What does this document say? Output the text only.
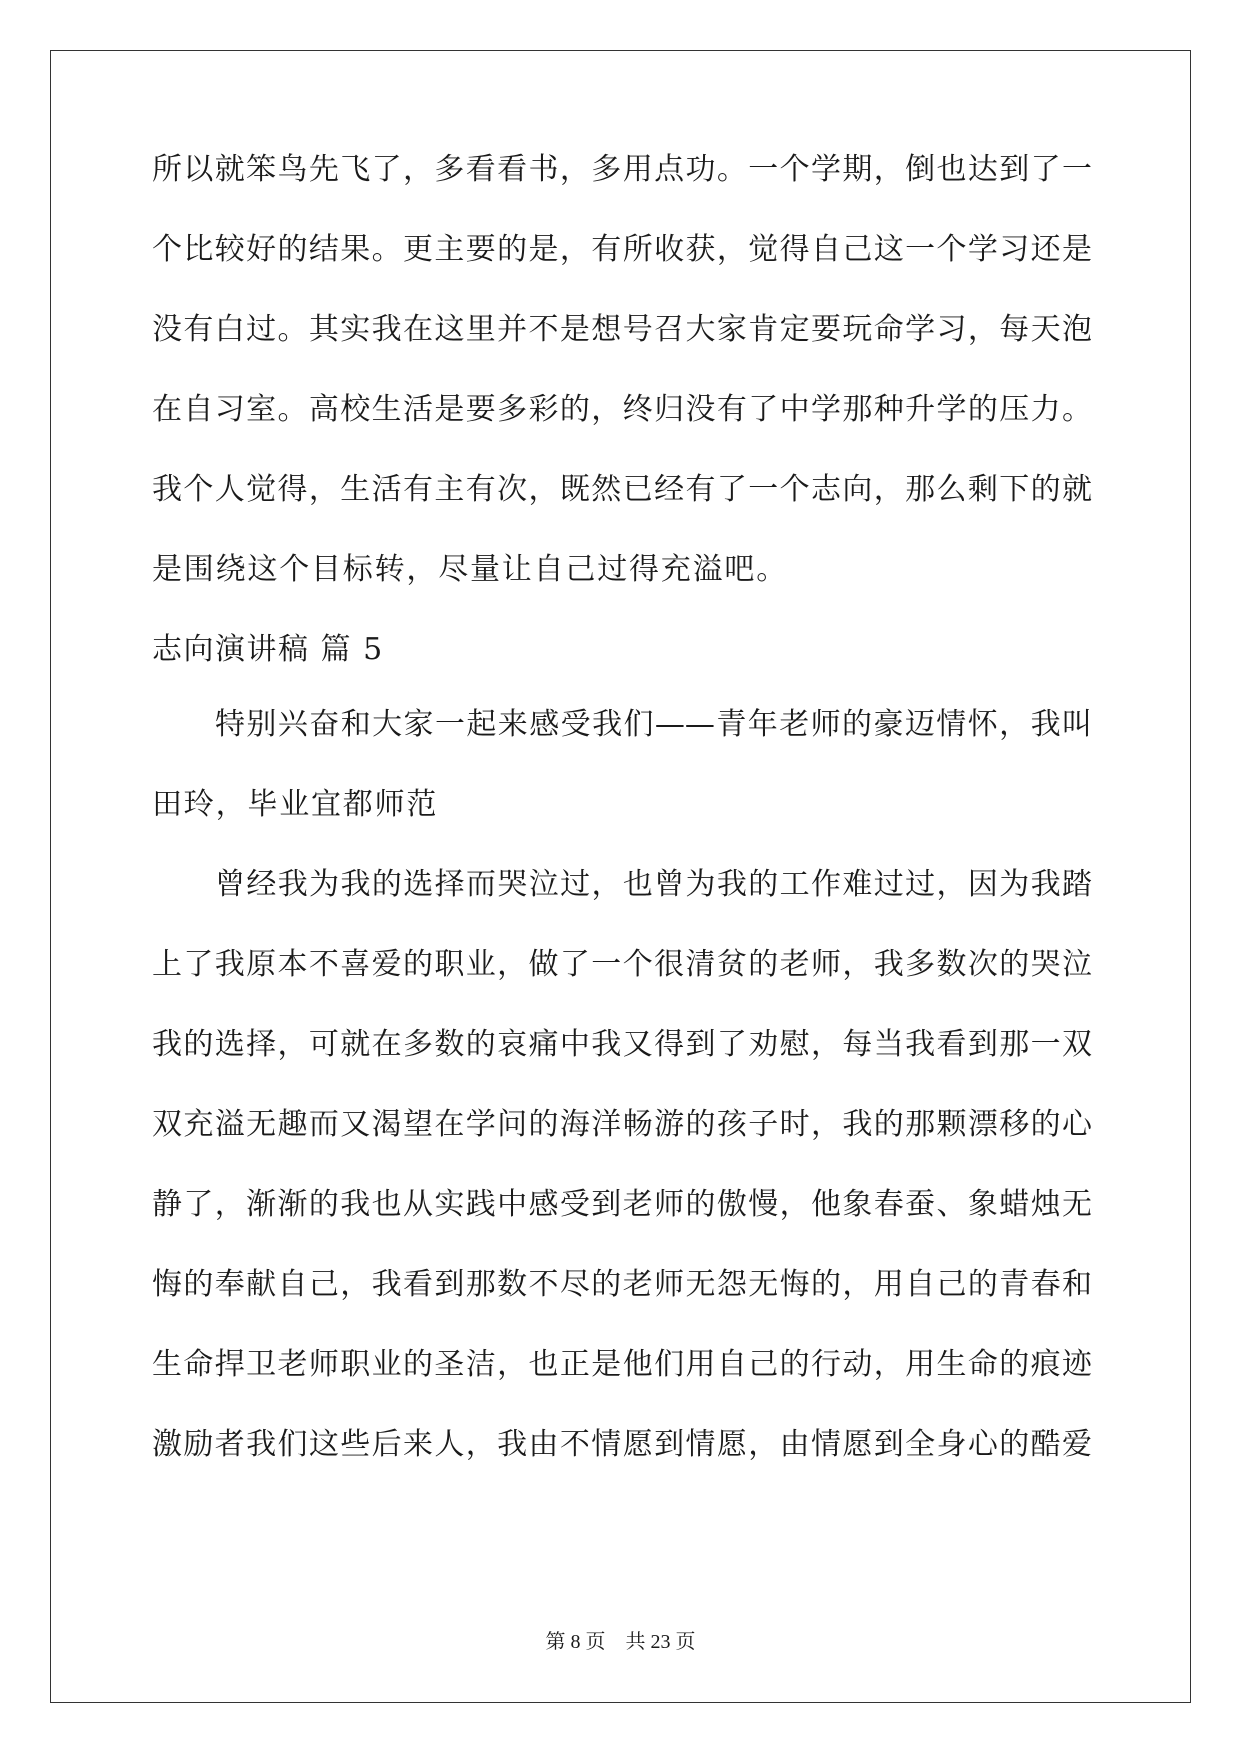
所以就笨鸟先飞了，多看看书，多用点功。一个学期，倒也达到了一
个比较好的结果。更主要的是，有所收获，觉得自己这一个学习还是
没有白过。其实我在这里并不是想号召大家肯定要玩命学习，每天泡
在自习室。高校生活是要多彩的，终归没有了中学那种升学的压力。
我个人觉得，生活有主有次，既然已经有了一个志向，那么剩下的就
是围绕这个目标转，尽量让自己过得充溢吧。
志向演讲稿 篇 5
特别兴奋和大家一起来感受我们——青年老师的豪迈情怀，我叫
田玲，毕业宜都师范
曾经我为我的选择而哭泣过，也曾为我的工作难过过，因为我踏
上了我原本不喜爱的职业，做了一个很清贫的老师，我多数次的哭泣
我的选择，可就在多数的哀痛中我又得到了劝慰，每当我看到那一双
双充溢无趣而又渴望在学问的海洋畅游的孩子时，我的那颗漂移的心
静了，渐渐的我也从实践中感受到老师的傲慢，他象春蚕、象蜡烛无
悔的奉献自己，我看到那数不尽的老师无怨无悔的，用自己的青春和
生命捍卫老师职业的圣洁，也正是他们用自己的行动，用生命的痕迹
激励者我们这些后来人，我由不情愿到情愿，由情愿到全身心的酷爱
第 8 页 共 23 页
